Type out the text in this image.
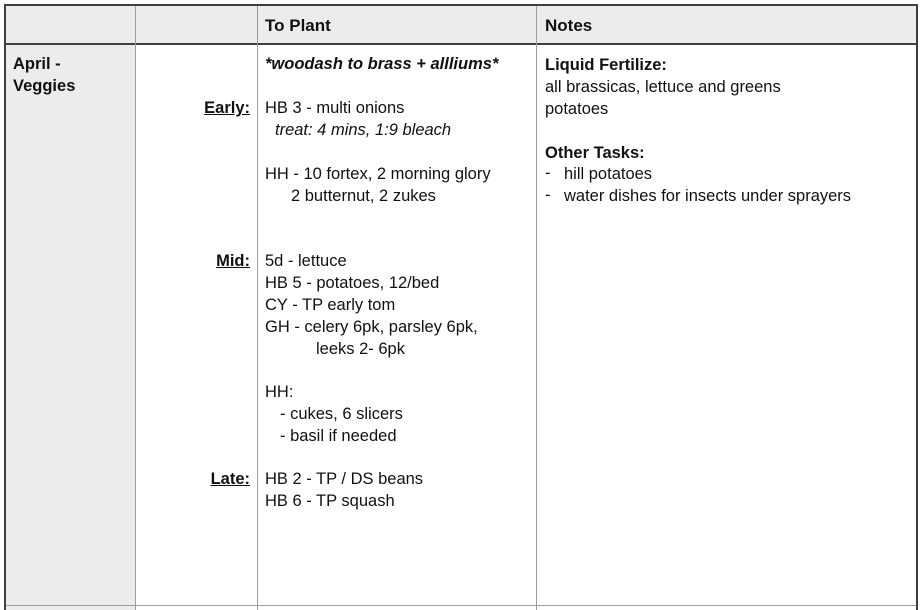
To Plant	Notes
April -
Veggies
Early:
Mid:
Late:
*woodash to brass + allliums*
HB 3 - multi onions
treat: 4 mins, 1:9 bleach
HH - 10 fortex, 2 morning glory
2 butternut, 2 zukes
5d - lettuce
HB 5 - potatoes, 12/bed
CY - TP early tom
GH - celery 6pk, parsley 6pk,
leeks 2- 6pk
HH:
- cukes, 6 slicers
- basil if needed
HB 2 - TP / DS beans
HB 6 - TP squash
Liquid Fertilize:
all brassicas, lettuce and greens
potatoes
Other Tasks:
- hill potatoes
- water dishes for insects under sprayers
